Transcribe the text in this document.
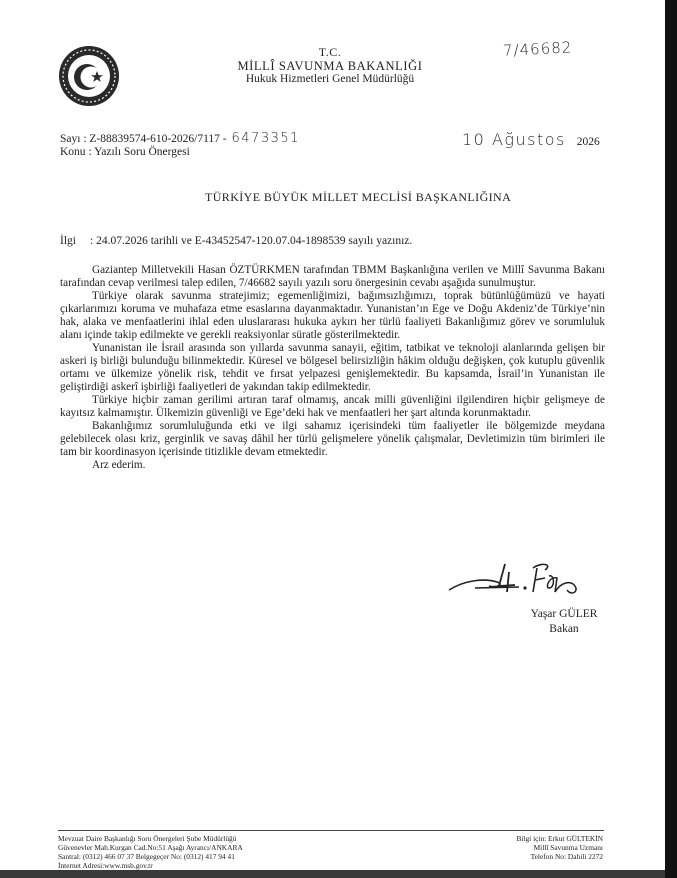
T.C.
MİLLÎ SAVUNMA BAKANLIĞI
Hukuk Hizmetleri Genel Müdürlüğü
7/46682
Sayı : Z-88839574-610-2026/7117 - 6473351
Konu : Yazılı Soru Önergesi
10 Ağustos 2026
TÜRKİYE BÜYÜK MİLLET MECLİSİ BAŞKANLIĞINA
İlgi : 24.07.2026 tarihli ve E-43452547-120.07.04-1898539 sayılı yazınız.

Gaziantep Milletvekili Hasan ÖZTÜRKMEN tarafından TBMM Başkanlığına verilen ve Millî Savunma Bakanı tarafından cevap verilmesi talep edilen, 7/46682 sayılı yazılı soru önergesinin cevabı aşağıda sunulmuştur.

Türkiye olarak savunma stratejimiz; egemenliğimizi, bağımsızlığımızı, toprak bütünlüğümüzü ve hayati çıkarlarımızı koruma ve muhafaza etme esaslarına dayanmaktadır. Yunanistan’ın Ege ve Doğu Akdeniz’de Türkiye’nin hak, alaka ve menfaatlerini ihlal eden uluslararası hukuka aykırı her türlü faaliyeti Bakanlığımız görev ve sorumluluk alanı içinde takip edilmekte ve gerekli reaksiyonlar süratle gösterilmektedir.

Yunanistan ile İsrail arasında son yıllarda savunma sanayii, eğitim, tatbikat ve teknoloji alanlarında gelişen bir askeri iş birliği bulunduğu bilinmektedir. Küresel ve bölgesel belirsizliğin hâkim olduğu değişken, çok kutuplu güvenlik ortamı ve ülkemize yönelik risk, tehdit ve fırsat yelpazesi genişlemektedir. Bu kapsamda, İsrail’in Yunanistan ile geliştirdiği askerî işbirliği faaliyetleri de yakından takip edilmektedir.

Türkiye hiçbir zaman gerilimi artıran taraf olmamış, ancak milli güvenliğini ilgilendiren hiçbir gelişmeye de kayıtsız kalmamıştır. Ülkemizin güvenliği ve Ege’deki hak ve menfaatleri her şart altında korunmaktadır.

Bakanlığımız sorumluluğunda etki ve ilgi sahamız içerisindeki tüm faaliyetler ile bölgemizde meydana gelebilecek olası kriz, gerginlik ve savaş dâhil her türlü gelişmelere yönelik çalışmalar, Devletimizin tüm birimleri ile tam bir koordinasyon içerisinde titizlikle devam etmektedir.

Arz ederim.

Yaşar GÜLER
Bakan
Mevzuat Daire Başkanlığı Soru Önergeleri Şube Müdürlüğü
Güvenevler Mah.Kurgan Cad.No:51 Aşağı Ayrancı/ANKARA
Santral: (0312) 466 07 37 Belgegeçer No: (0312) 417 94 41
İnternet Adresi:www.msb.gov.tr
Bilgi için: Erkut GÜLTEKİN
Millî Savunma Uzmanı
Telefon No: Dahili 2272
